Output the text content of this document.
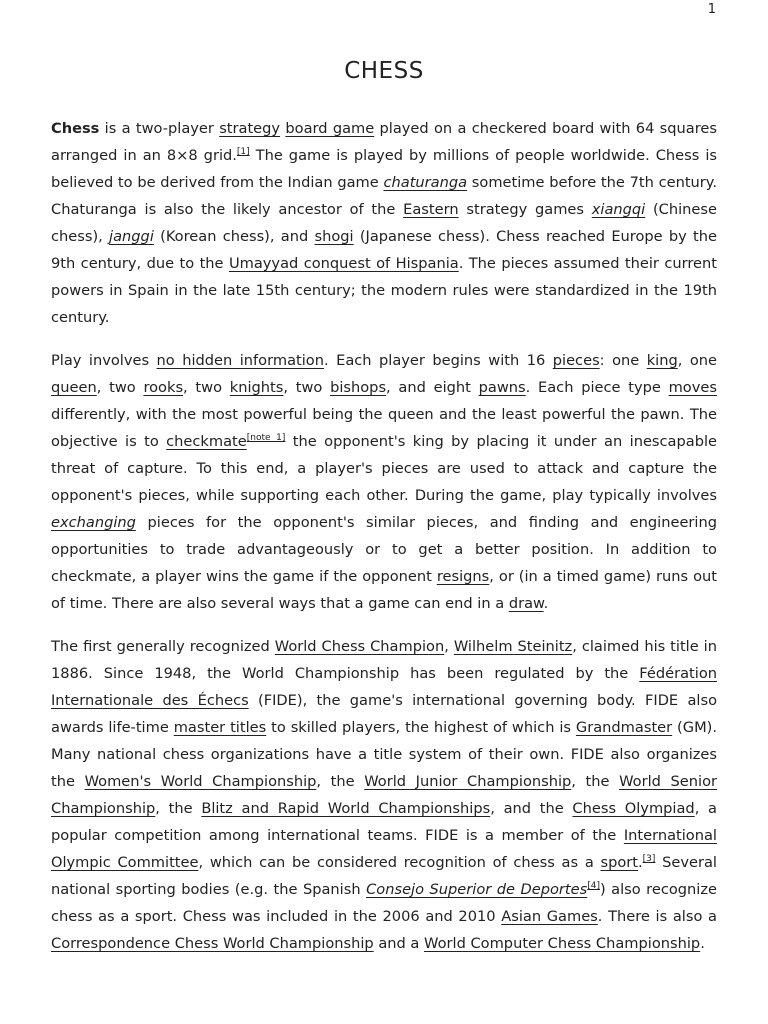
1
CHESS

Chess is a two-player strategy board game played on a checkered board with 64 squares arranged in an 8×8 grid.[1] The game is played by millions of people worldwide. Chess is believed to be derived from the Indian game chaturanga sometime before the 7th century. Chaturanga is also the likely ancestor of the Eastern strategy games xiangqi (Chinese chess), janggi (Korean chess), and shogi (Japanese chess). Chess reached Europe by the 9th century, due to the Umayyad conquest of Hispania. The pieces assumed their current powers in Spain in the late 15th century; the modern rules were standardized in the 19th century.

Play involves no hidden information. Each player begins with 16 pieces: one king, one queen, two rooks, two knights, two bishops, and eight pawns. Each piece type moves differently, with the most powerful being the queen and the least powerful the pawn. The objective is to checkmate[note 1] the opponent's king by placing it under an inescapable threat of capture. To this end, a player's pieces are used to attack and capture the opponent's pieces, while supporting each other. During the game, play typically involves exchanging pieces for the opponent's similar pieces, and finding and engineering opportunities to trade advantageously or to get a better position. In addition to checkmate, a player wins the game if the opponent resigns, or (in a timed game) runs out of time. There are also several ways that a game can end in a draw.

The first generally recognized World Chess Champion, Wilhelm Steinitz, claimed his title in 1886. Since 1948, the World Championship has been regulated by the Fédération Internationale des Échecs (FIDE), the game's international governing body. FIDE also awards life-time master titles to skilled players, the highest of which is Grandmaster (GM). Many national chess organizations have a title system of their own. FIDE also organizes the Women's World Championship, the World Junior Championship, the World Senior Championship, the Blitz and Rapid World Championships, and the Chess Olympiad, a popular competition among international teams. FIDE is a member of the International Olympic Committee, which can be considered recognition of chess as a sport.[3] Several national sporting bodies (e.g. the Spanish Consejo Superior de Deportes[4]) also recognize chess as a sport. Chess was included in the 2006 and 2010 Asian Games. There is also a Correspondence Chess World Championship and a World Computer Chess Championship.
